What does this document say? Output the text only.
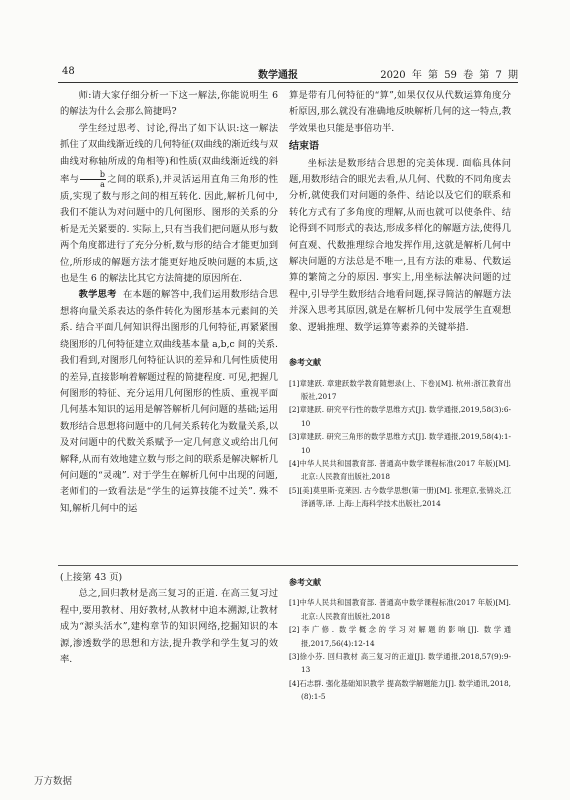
48	数学通报	2020 年 第 59 卷 第 7 期

师:请大家仔细分析一下这一解法,你能说明生 6 的解法为什么会那么简捷吗?

学生经过思考、讨论,得出了如下认识:这一解法抓住了双曲线渐近线的几何特征(双曲线的渐近线与双曲线对称轴所成的角相等)和性质(双曲线渐近线的斜率与 $\frac{b}{a}$ 之间的联系),并灵活运用直角三角形的性质,实现了数与形之间的相互转化. 因此,解析几何中,我们不能认为对问题中的几何图形、图形的关系的分析是无关紧要的. 实际上,只有当我们把问题从形与数两个角度都进行了充分分析,数与形的结合才能更加到位,所形成的解题方法才能更好地反映问题的本质,这也是生 6 的解法比其它方法简捷的原因所在.

教学思考 在本题的解答中,我们运用数形结合思想将向量关系表达的条件转化为图形基本元素间的关系. 结合平面几何知识得出图形的几何特征,再紧紧围绕图形的几何特征建立双曲线基本量 a,b,c 间的关系. 我们看到,对图形几何特征认识的差异和几何性质使用的差异,直接影响着解题过程的简捷程度. 可见,把握几何图形的特征、充分运用几何图形的性质、重视平面几何基本知识的运用是解答解析几何问题的基础;运用数形结合思想将问题中的几何关系转化为数量关系,以及对问题中的代数关系赋予一定几何意义或给出几何解释,从而有效地建立数与形之间的联系是解决解析几何问题的“灵魂”. 对于学生在解析几何中出现的问题,老师们的一致看法是“学生的运算技能不过关”. 殊不知,解析几何中的运

算是带有几何特征的“算”,如果仅仅从代数运算角度分析原因,那么就没有准确地反映解析几何的这一特点,教学效果也只能是事倍功半.

结束语

坐标法是数形结合思想的完美体现. 面临具体问题,用数形结合的眼光去看,从几何、代数的不同角度去分析,就使我们对问题的条件、结论以及它们的联系和转化方式有了多角度的理解,从而也就可以使条件、结论得到不同形式的表达,形成多样化的解题方法,使得几何直观、代数推理综合地发挥作用,这就是解析几何中解决问题的方法总是不唯一,且有方法的难易、代数运算的繁简之分的原因. 事实上,用坐标法解决问题的过程中,引导学生数形结合地看问题,探寻简洁的解题方法并深入思考其原因,就是在解析几何中发展学生直观想象、逻辑推理、数学运算等素养的关键举措.

参考文献
[1]章建跃. 章建跃数学教育随想录(上、下卷)[M]. 杭州:浙江教育出版社,2017
[2]章建跃. 研究平行性的数学思维方式[J]. 数学通报,2019,58(3):6-10
[3]章建跃. 研究三角形的数学思维方式[J]. 数学通报,2019,58(4):1-10
[4]中华人民共和国教育部. 普通高中数学课程标准(2017 年版)[M]. 北京:人民教育出版社,2018
[5][美]莫里斯·克莱因. 古今数学思想(第一册)[M]. 张理京,张锦炎,江泽涵等,译. 上海:上海科学技术出版社,2014

(上接第 43 页)

总之,回归教材是高三复习的正道. 在高三复习过程中,要用教材、用好教材,从教材中追本溯源,让教材成为“源头活水”,建构章节的知识网络,挖掘知识的本源,渗透数学的思想和方法,提升教学和学生复习的效率.

参考文献
[1]中华人民共和国教育部. 普通高中数学课程标准(2017 年版)[M]. 北京:人民教育出版社,2018
[2]李广修. 数学概念的学习对解题的影响[J]. 数学通报,2017,56(4):12-14
[3]徐小芬. 回归教材 高三复习的正道[J]. 数学通报,2018,57(9):9-13
[4]石志群. 强化基础知识教学 提高数学解题能力[J]. 数学通讯,2018,(8):1-5
万方数据
